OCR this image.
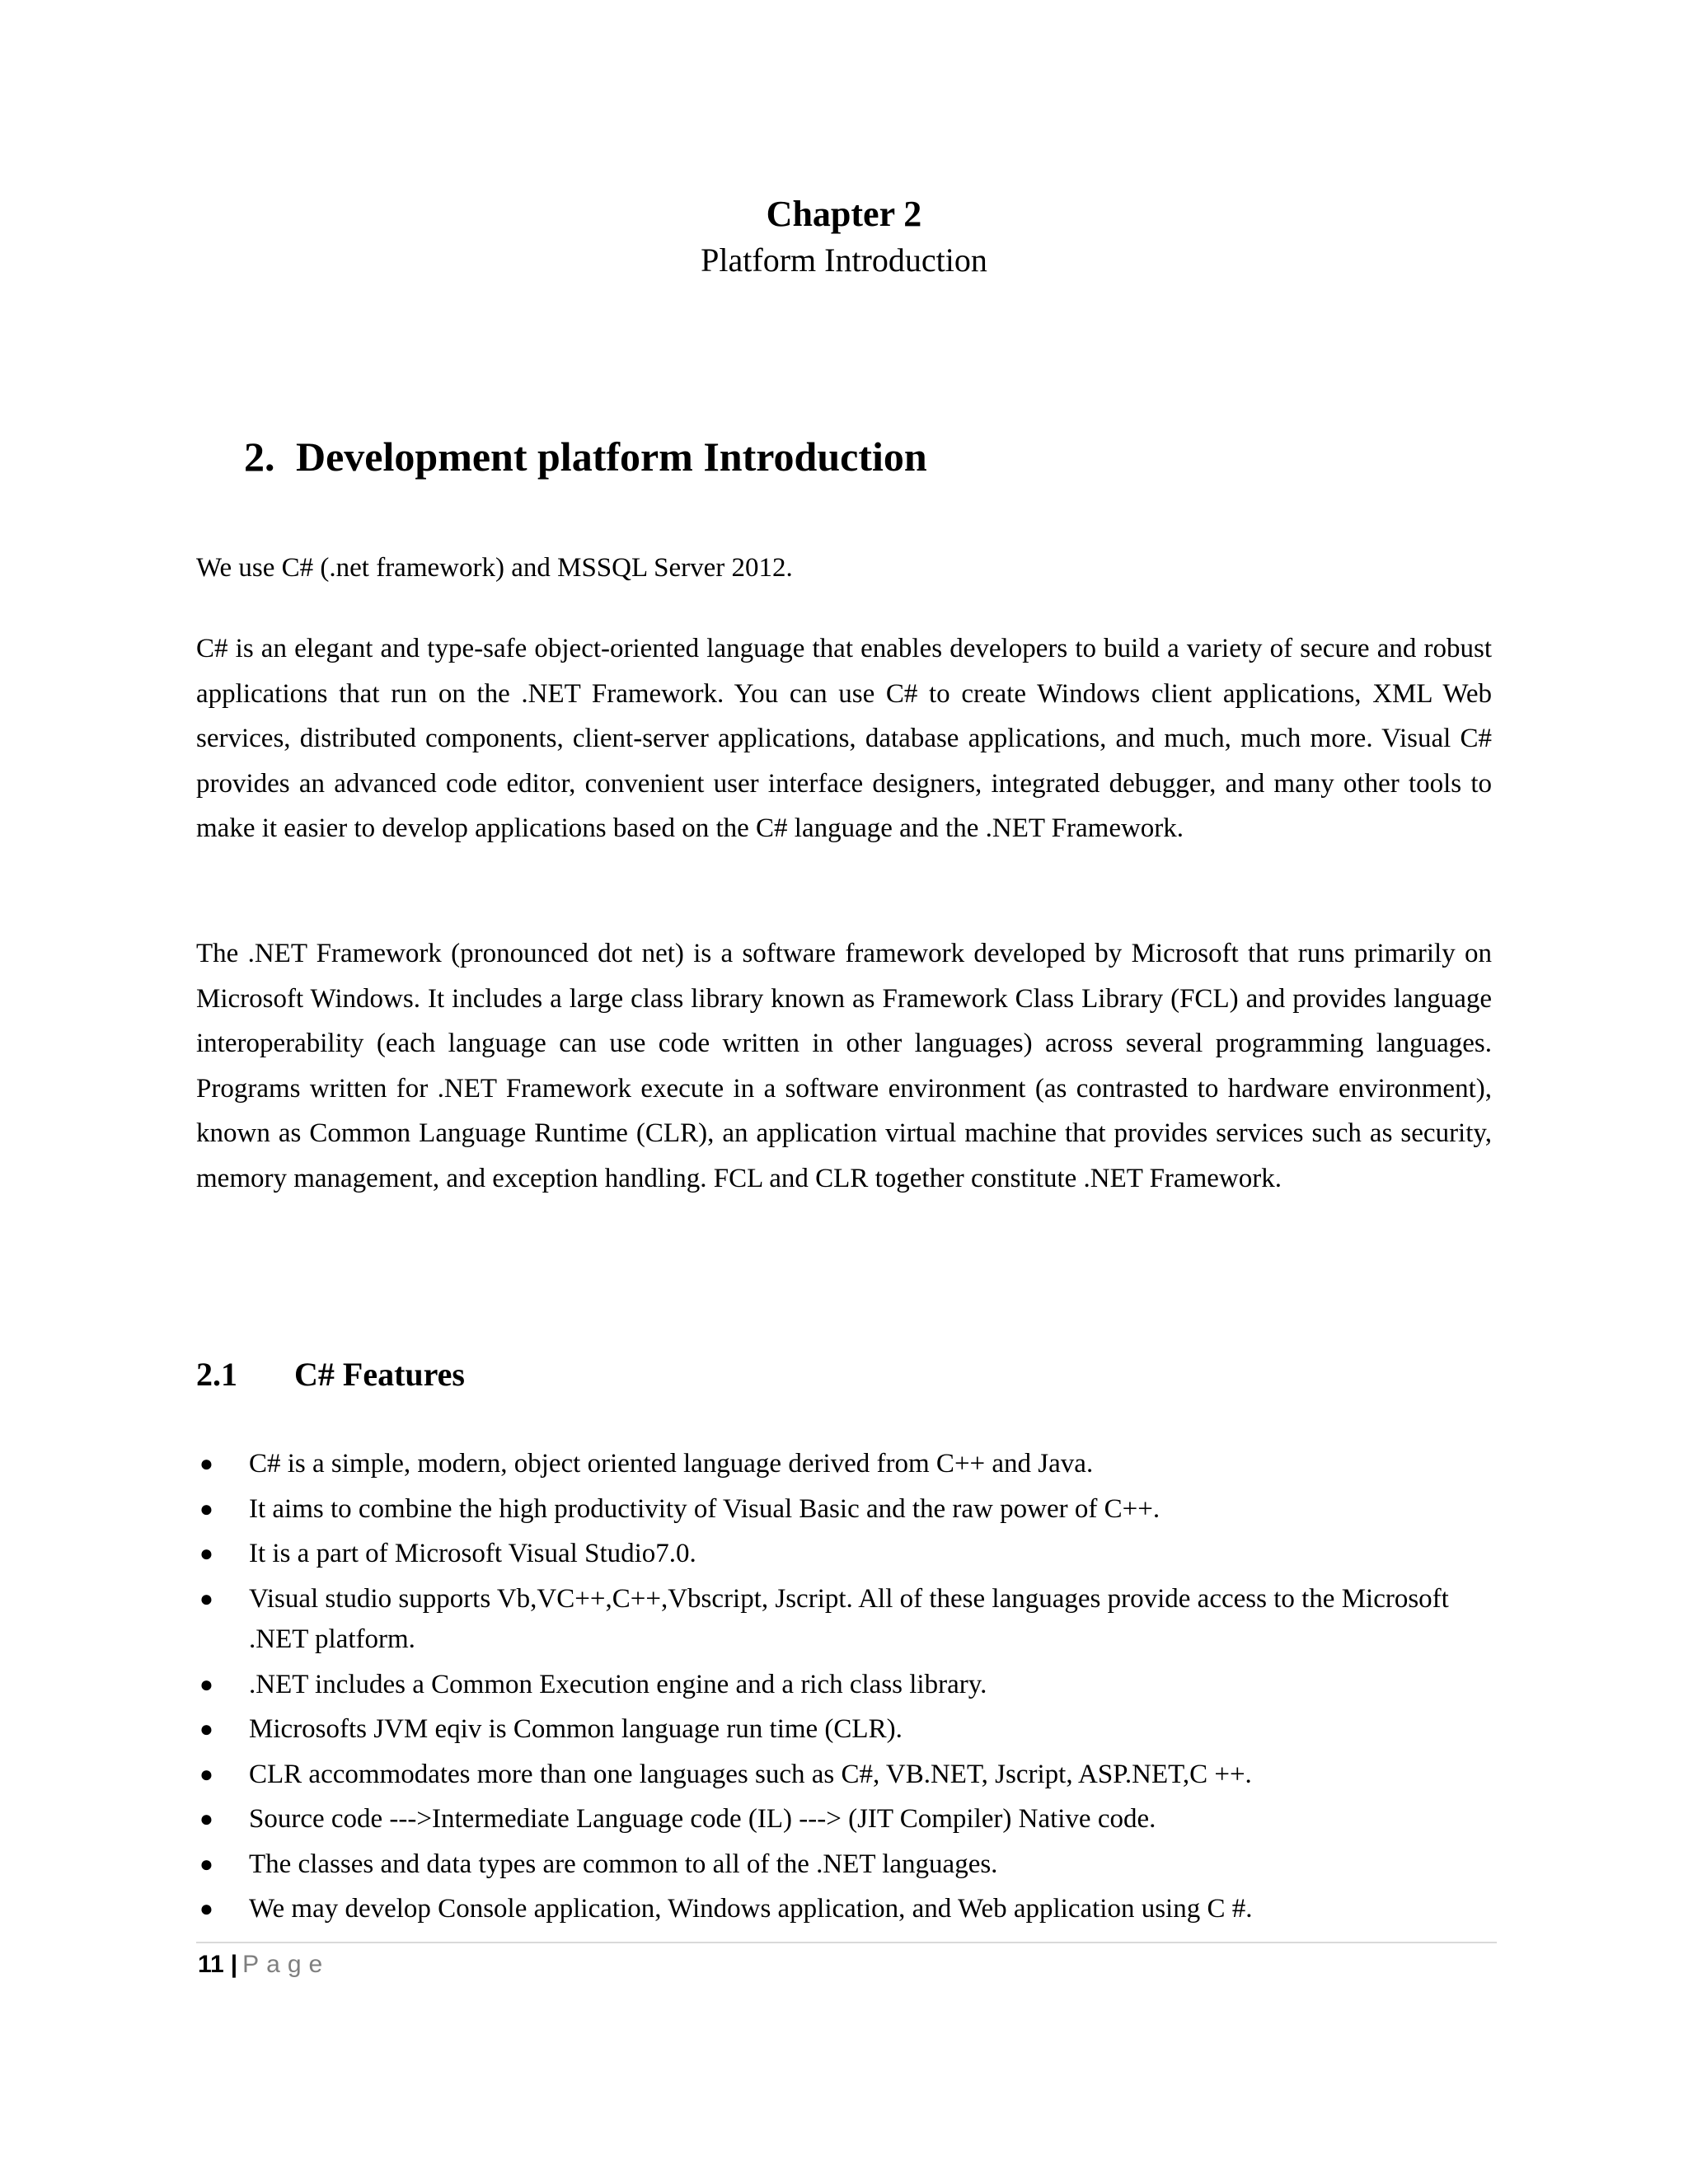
Chapter 2
Platform Introduction
2. Development platform Introduction
We use C# (.net framework) and MSSQL Server 2012.
C# is an elegant and type-safe object-oriented language that enables developers to build a variety of secure and robust applications that run on the .NET Framework. You can use C# to create Windows client applications, XML Web services, distributed components, client-server applications, database applications, and much, much more. Visual C# provides an advanced code editor, convenient user interface designers, integrated debugger, and many other tools to make it easier to develop applications based on the C# language and the .NET Framework.
The .NET Framework (pronounced dot net) is a software framework developed by Microsoft that runs primarily on Microsoft Windows. It includes a large class library known as Framework Class Library (FCL) and provides language interoperability (each language can use code written in other languages) across several programming languages. Programs written for .NET Framework execute in a software environment (as contrasted to hardware environment), known as Common Language Runtime (CLR), an application virtual machine that provides services such as security, memory management, and exception handling. FCL and CLR together constitute .NET Framework.
2.1 C# Features
● C# is a simple, modern, object oriented language derived from C++ and Java.
● It aims to combine the high productivity of Visual Basic and the raw power of C++.
● It is a part of Microsoft Visual Studio7.0.
● Visual studio supports Vb,VC++,C++,Vbscript, Jscript. All of these languages provide access to the Microsoft .NET platform.
● .NET includes a Common Execution engine and a rich class library.
● Microsofts JVM eqiv is Common language run time (CLR).
● CLR accommodates more than one languages such as C#, VB.NET, Jscript, ASP.NET,C ++.
● Source code --->Intermediate Language code (IL) ---> (JIT Compiler) Native code.
● The classes and data types are common to all of the .NET languages.
● We may develop Console application, Windows application, and Web application using C #.
11 | Page
